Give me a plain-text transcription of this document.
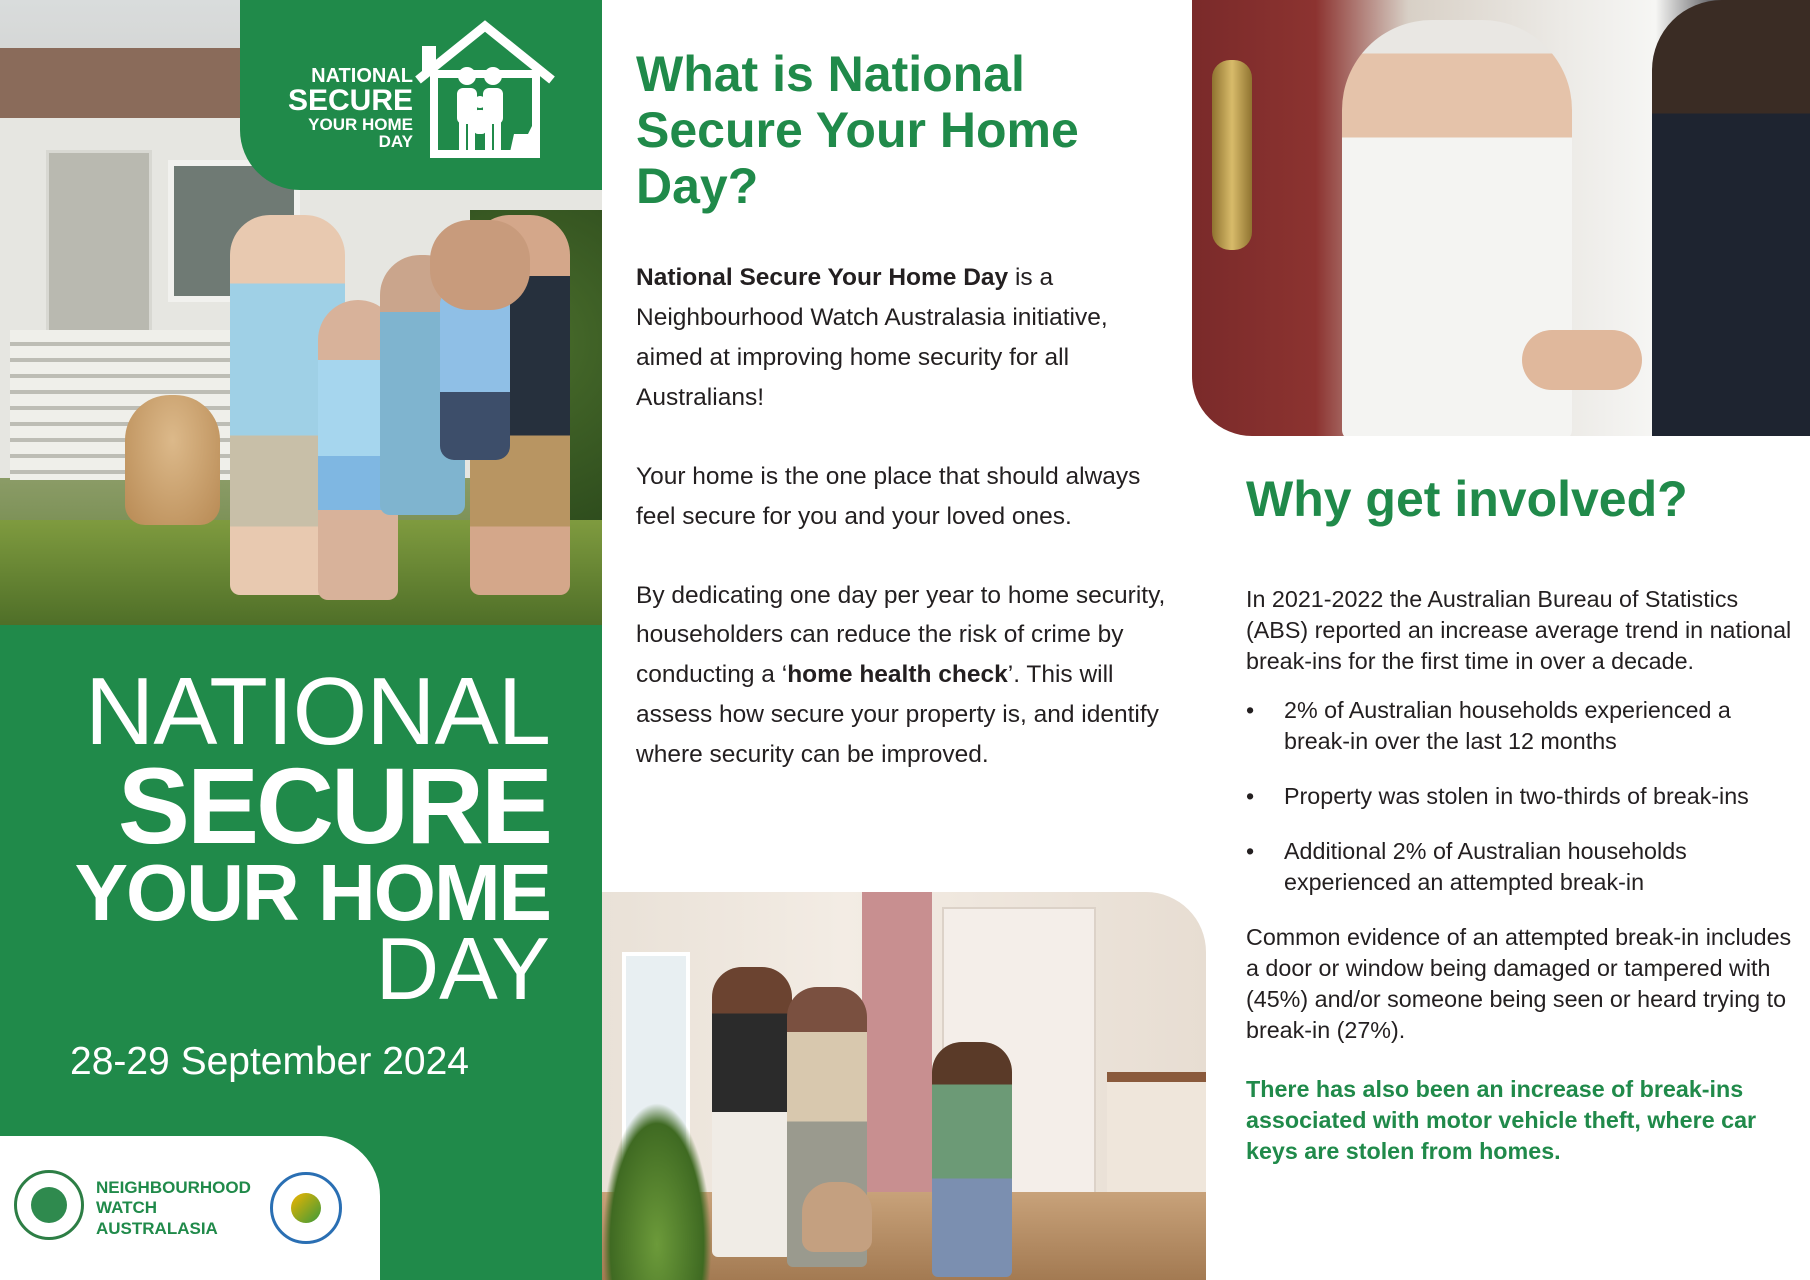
NATIONAL
SECURE
YOUR HOME
DAY
NATIONAL
SECURE
YOUR HOME
DAY
28-29 September 2024
NEIGHBOURHOOD
WATCH
AUSTRALASIA
What is National Secure Your Home Day?

National Secure Your Home Day is a Neighbourhood Watch Australasia initiative, aimed at improving home security for all Australians!

Your home is the one place that should always feel secure for you and your loved ones.

By dedicating one day per year to home security, householders can reduce the risk of crime by conducting a ‘home health check’. This will assess how secure your property is, and identify where security can be improved.

Why get involved?

In 2021-2022 the Australian Bureau of Statistics (ABS) reported an increase average trend in national break-ins for the first time in over a decade.

• 2% of Australian households experienced a break-in over the last 12 months
• Property was stolen in two-thirds of break-ins
• Additional 2% of Australian households experienced an attempted break-in

Common evidence of an attempted break-in includes a door or window being damaged or tampered with (45%) and/or someone being seen or heard trying to break-in (27%).

There has also been an increase of break-ins associated with motor vehicle theft, where car keys are stolen from homes.
